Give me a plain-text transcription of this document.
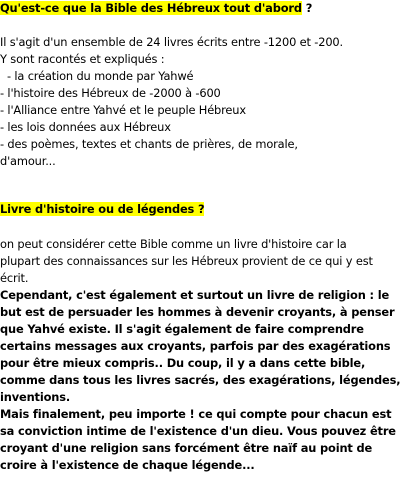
Qu'est-ce que la Bible des Hébreux tout d'abord ?
Il s'agit d'un ensemble de 24 livres écrits entre -1200 et -200.
Y sont racontés et expliqués :
- la création du monde par Yahwé
- l'histoire des Hébreux de -2000 à -600
- l'Alliance entre Yahvé et le peuple Hébreux
- les lois données aux Hébreux
- des poèmes, textes et chants de prières, de morale,
d'amour...
Livre d'histoire ou de légendes ?
on peut considérer cette Bible comme un livre d'histoire car la
plupart des connaissances sur les Hébreux provient de ce qui y est
écrit.
Cependant, c'est également et surtout un livre de religion : le
but est de persuader les hommes à devenir croyants, à penser
que Yahvé existe. Il s'agit également de faire comprendre
certains messages aux croyants, parfois par des exagérations
pour être mieux compris.. Du coup, il y a dans cette bible,
comme dans tous les livres sacrés, des exagérations, légendes,
inventions.
Mais finalement, peu importe ! ce qui compte pour chacun est
sa conviction intime de l'existence d'un dieu. Vous pouvez être
croyant d'une religion sans forcément être naïf au point de
croire à l'existence de chaque légende...
